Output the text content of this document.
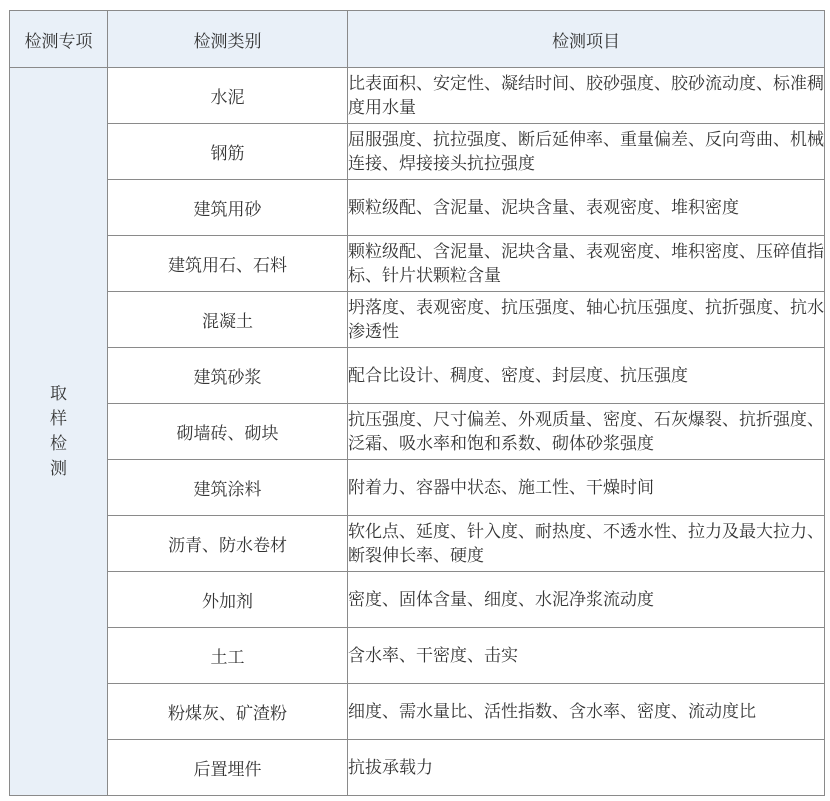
检测专项	检测类别	检测项目
取样检测	水泥	比表面积、安定性、凝结时间、胶砂强度、胶砂流动度、标准稠度用水量
	钢筋	屈服强度、抗拉强度、断后延伸率、重量偏差、反向弯曲、机械连接、焊接接头抗拉强度
	建筑用砂	颗粒级配、含泥量、泥块含量、表观密度、堆积密度
	建筑用石、石料	颗粒级配、含泥量、泥块含量、表观密度、堆积密度、压碎值指标、针片状颗粒含量
	混凝土	坍落度、表观密度、抗压强度、轴心抗压强度、抗折强度、抗水渗透性
	建筑砂浆	配合比设计、稠度、密度、封层度、抗压强度
	砌墙砖、砌块	抗压强度、尺寸偏差、外观质量、密度、石灰爆裂、抗折强度、泛霜、吸水率和饱和系数、砌体砂浆强度
	建筑涂料	附着力、容器中状态、施工性、干燥时间
	沥青、防水卷材	软化点、延度、针入度、耐热度、不透水性、拉力及最大拉力、断裂伸长率、硬度
	外加剂	密度、固体含量、细度、水泥净浆流动度
	土工	含水率、干密度、击实
	粉煤灰、矿渣粉	细度、需水量比、活性指数、含水率、密度、流动度比
	后置埋件	抗拔承载力
